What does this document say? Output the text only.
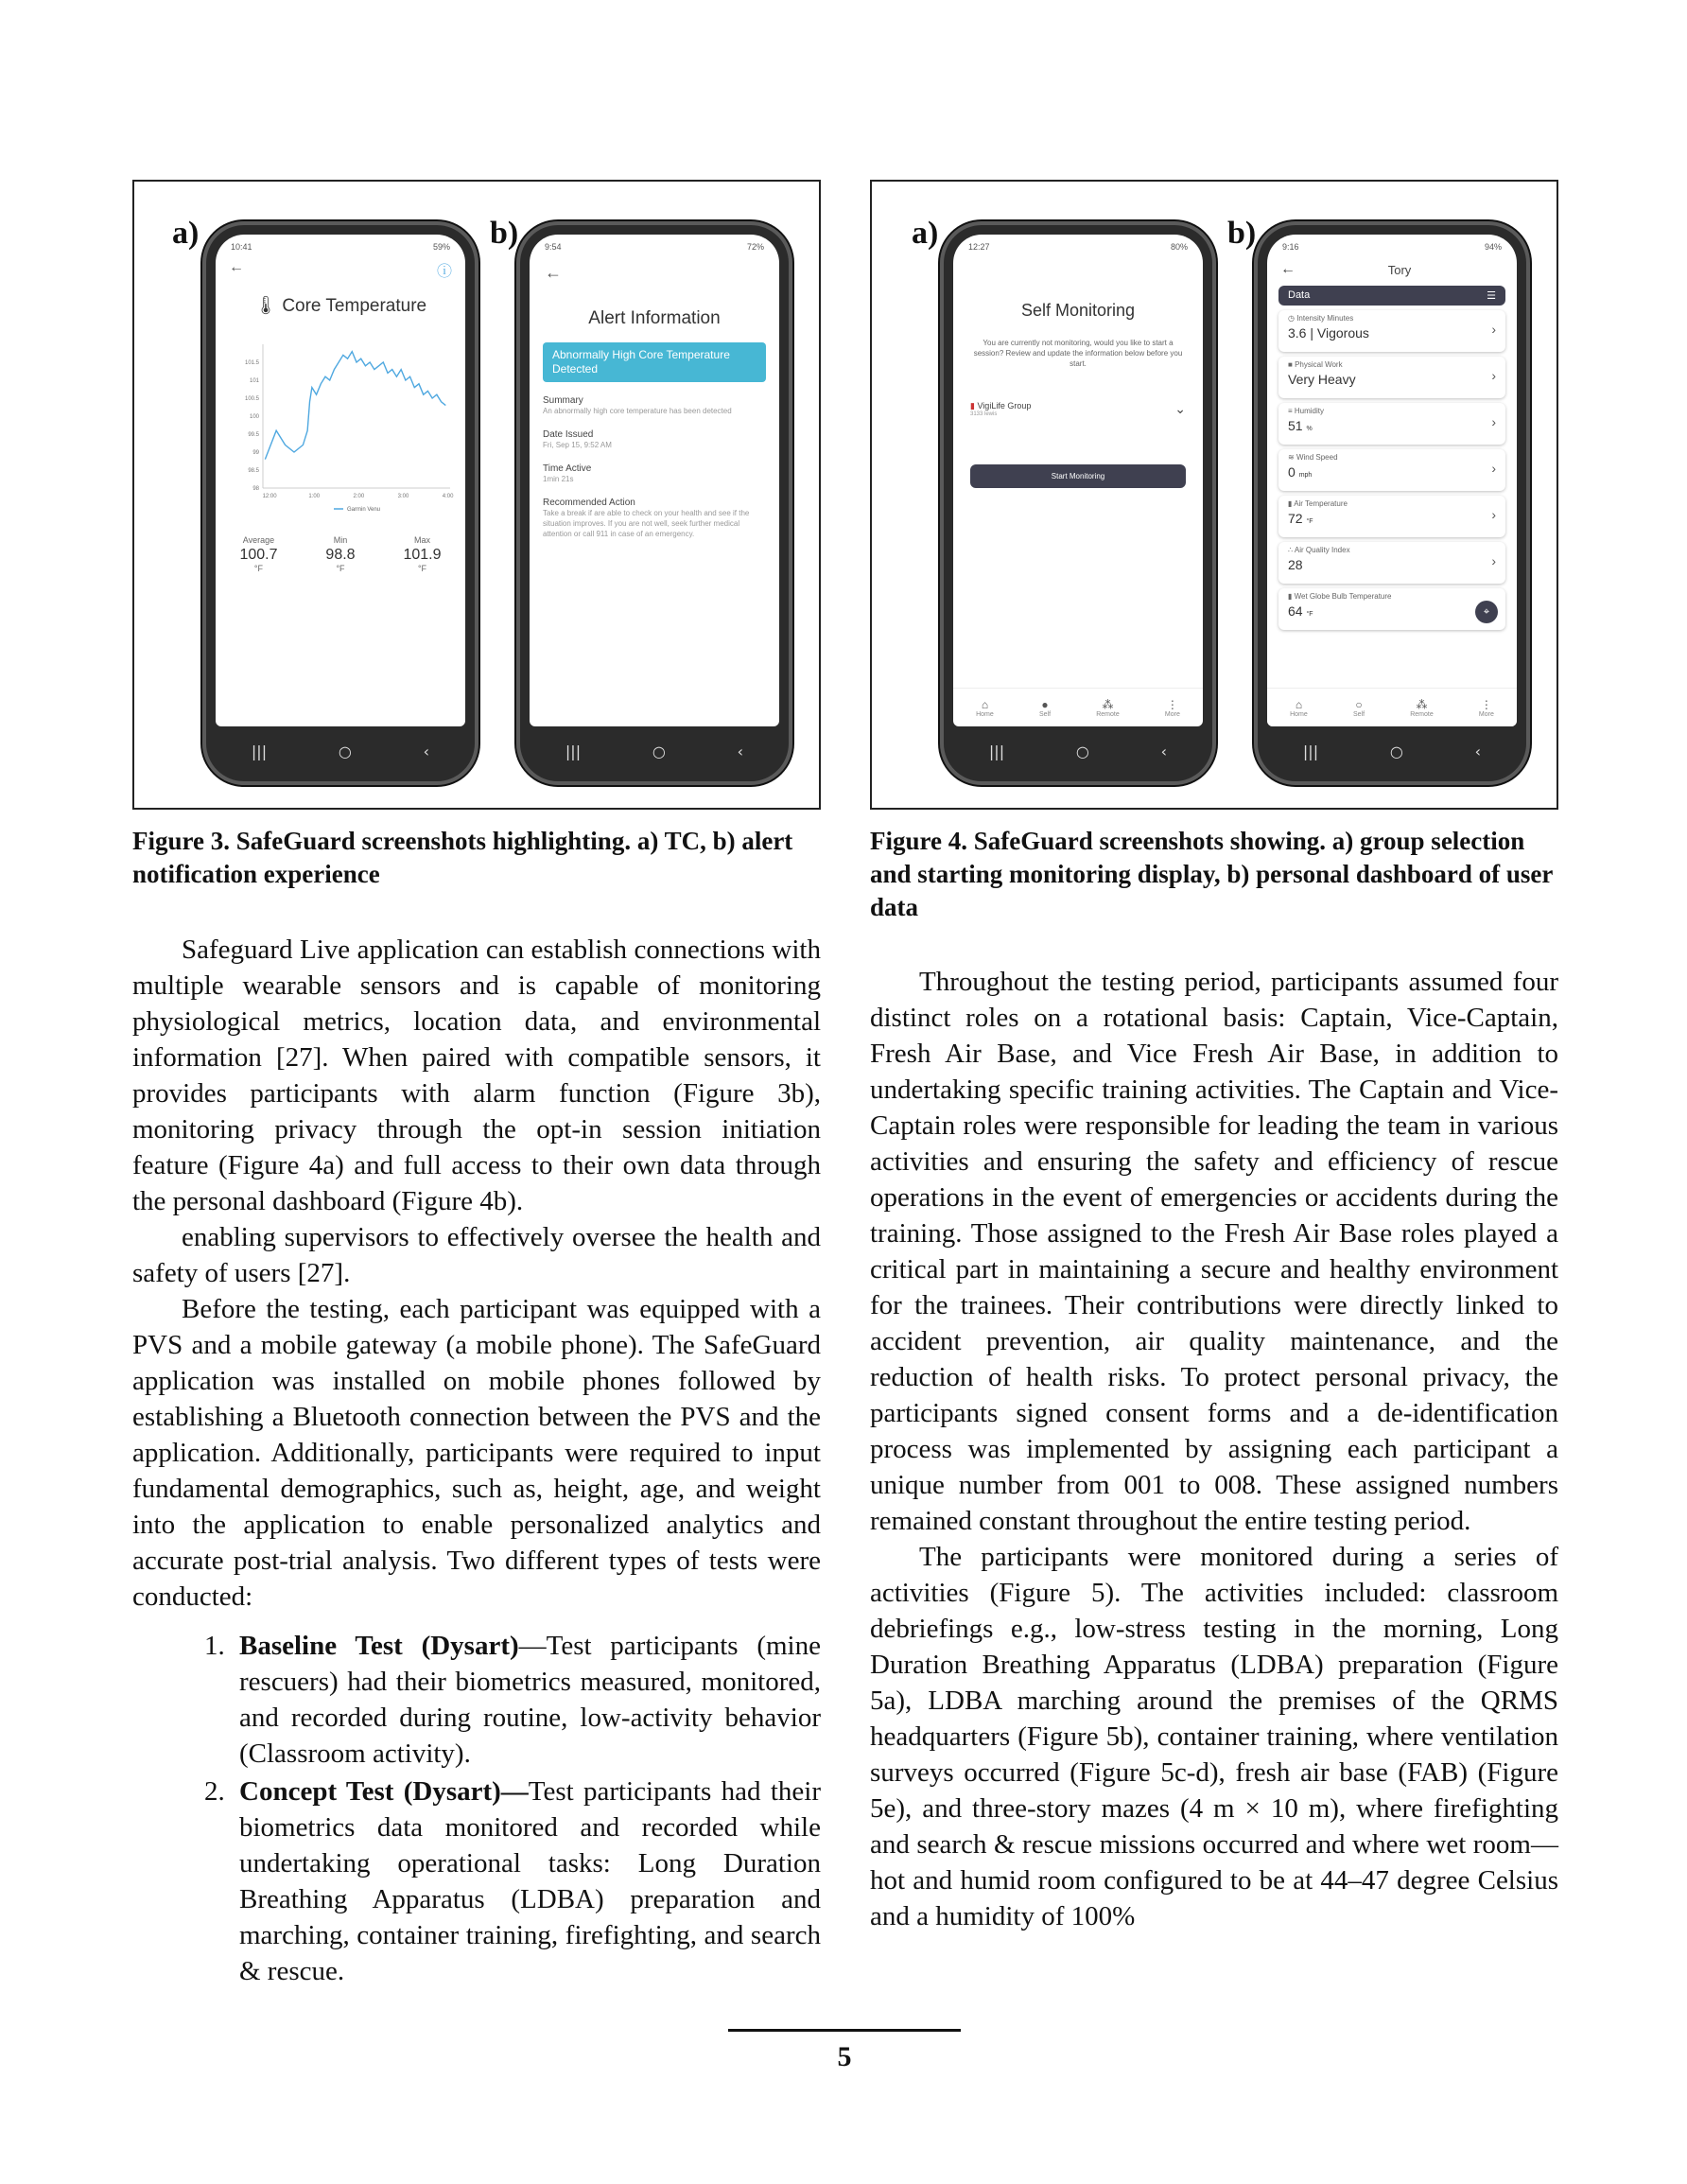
a)	b)
10:41	59%
←	ⓘ
🌡︎ Core Temperature
101.5
101
100.5
100
99.5
99
98.5
98
12:00	1:00	2:00	3:00	4:00
Garmin Venu
Average
100.7
°F
Min
98.8
°F
Max
101.9
°F
|||	○	‹
9:54	72%
←
Alert Information
Abnormally High Core Temperature Detected
Summary
An abnormally high core temperature has been detected
Date Issued
Fri, Sep 15, 9:52 AM
Time Active
1min 21s
Recommended Action
Take a break if are able to check on your health and see if the situation improves. If you are not well, seek further medical attention or call 911 in case of an emergency.
|||	○	‹
Figure 3. SafeGuard screenshots highlighting. a) TC, b) alert notification experience
a)	b)
12:27	80%
Self Monitoring
You are currently not monitoring, would you like to start a session? Review and update the information below before you start.
▮ VigiLife Group
3133 lewis	⌄
Start Monitoring
⌂
Home
●
Self
⁂
Remote
⋮
More
|||	○	‹
9:16	94%
←	Tory
Data	☰
◷ Intensity Minutes
3.6 | Vigorous	›
■ Physical Work
Very Heavy	›
≡ Humidity
51 %	›
≋ Wind Speed
0 mph	›
▮ Air Temperature
72 °F	›
∴ Air Quality Index
28	›
▮ Wet Globe Bulb Temperature
64 °F	⌖
⌂
Home
○
Self
⁂
Remote
⋮
More
|||	○	‹
Figure 4. SafeGuard screenshots showing. a) group selection and starting monitoring display, b) personal dashboard of user data

Safeguard Live application can establish connections with multiple wearable sensors and is capable of monitoring physiological metrics, location data, and environmental information [27]. When paired with compatible sensors, it provides participants with alarm function (Figure 3b), monitoring privacy through the opt-in session initiation feature (Figure 4a) and full access to their own data through the personal dashboard (Figure 4b).

enabling supervisors to effectively oversee the health and safety of users [27].

Before the testing, each participant was equipped with a PVS and a mobile gateway (a mobile phone). The SafeGuard application was installed on mobile phones followed by establishing a Bluetooth connection between the PVS and the application. Additionally, participants were required to input fundamental demographics, such as, height, age, and weight into the application to enable personalized analytics and accurate post-trial analysis. Two different types of tests were conducted:

1. Baseline Test (Dysart)—Test participants (mine rescuers) had their biometrics measured, monitored, and recorded during routine, low-activity behavior (Classroom activity).
2. Concept Test (Dysart)—Test participants had their biometrics data monitored and recorded while undertaking operational tasks: Long Duration Breathing Apparatus (LDBA) preparation and marching, container training, firefighting, and search & rescue.

Throughout the testing period, participants assumed four distinct roles on a rotational basis: Captain, Vice-Captain, Fresh Air Base, and Vice Fresh Air Base, in addition to undertaking specific training activities. The Captain and Vice-Captain roles were responsible for leading the team in various activities and ensuring the safety and efficiency of rescue operations in the event of emergencies or accidents during the training. Those assigned to the Fresh Air Base roles played a critical part in maintaining a secure and healthy environment for the trainees. Their contributions were directly linked to accident prevention, air quality maintenance, and the reduction of health risks. To protect personal privacy, the participants signed consent forms and a de-identification process was implemented by assigning each participant a unique number from 001 to 008. These assigned numbers remained constant throughout the entire testing period.

The participants were monitored during a series of activities (Figure 5). The activities included: classroom debriefings e.g., low-stress testing in the morning, Long Duration Breathing Apparatus (LDBA) preparation (Figure 5a), LDBA marching around the premises of the QRMS headquarters (Figure 5b), container training, where ventilation surveys occurred (Figure 5c-d), fresh air base (FAB) (Figure 5e), and three-story mazes (4 m × 10 m), where firefighting and search & rescue missions occurred and where wet room—hot and humid room configured to be at 44–47 degree Celsius and a humidity of 100%

5
